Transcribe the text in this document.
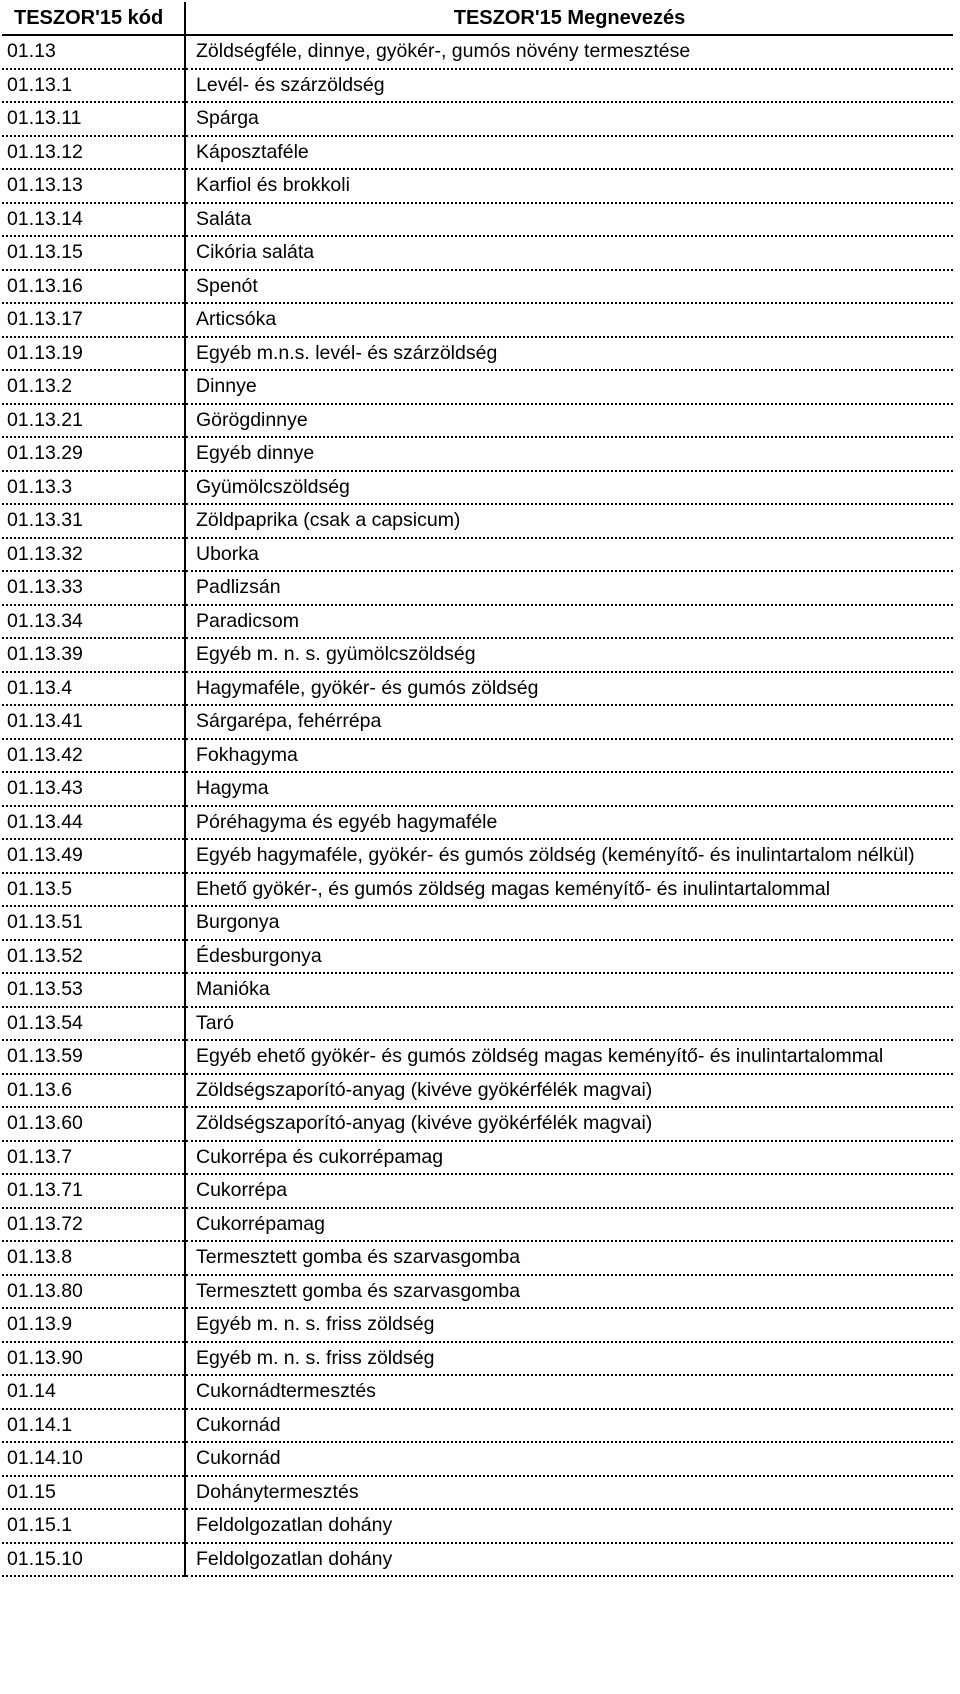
TESZOR'15 kód	TESZOR'15 Megnevezés
01.13	Zöldségféle, dinnye, gyökér-, gumós növény termesztése
01.13.1	Levél- és szárzöldség
01.13.11	Spárga
01.13.12	Káposztaféle
01.13.13	Karfiol és brokkoli
01.13.14	Saláta
01.13.15	Cikória saláta
01.13.16	Spenót
01.13.17	Articsóka
01.13.19	Egyéb m.n.s. levél- és szárzöldség
01.13.2	Dinnye
01.13.21	Görögdinnye
01.13.29	Egyéb dinnye
01.13.3	Gyümölcszöldség
01.13.31	Zöldpaprika (csak a capsicum)
01.13.32	Uborka
01.13.33	Padlizsán
01.13.34	Paradicsom
01.13.39	Egyéb m. n. s. gyümölcszöldség
01.13.4	Hagymaféle, gyökér- és gumós zöldség
01.13.41	Sárgarépa, fehérrépa
01.13.42	Fokhagyma
01.13.43	Hagyma
01.13.44	Póréhagyma és egyéb hagymaféle
01.13.49	Egyéb hagymaféle, gyökér- és gumós zöldség (keményítő- és inulintartalom nélkül)
01.13.5	Ehető gyökér-, és gumós zöldség magas keményítő- és inulintartalommal
01.13.51	Burgonya
01.13.52	Édesburgonya
01.13.53	Manióka
01.13.54	Taró
01.13.59	Egyéb ehető gyökér- és gumós zöldség magas keményítő- és inulintartalommal
01.13.6	Zöldségszaporító-anyag (kivéve gyökérfélék magvai)
01.13.60	Zöldségszaporító-anyag (kivéve gyökérfélék magvai)
01.13.7	Cukorrépa és cukorrépamag
01.13.71	Cukorrépa
01.13.72	Cukorrépamag
01.13.8	Termesztett gomba és szarvasgomba
01.13.80	Termesztett gomba és szarvasgomba
01.13.9	Egyéb m. n. s. friss zöldség
01.13.90	Egyéb m. n. s. friss zöldség
01.14	Cukornádtermesztés
01.14.1	Cukornád
01.14.10	Cukornád
01.15	Dohánytermesztés
01.15.1	Feldolgozatlan dohány
01.15.10	Feldolgozatlan dohány
